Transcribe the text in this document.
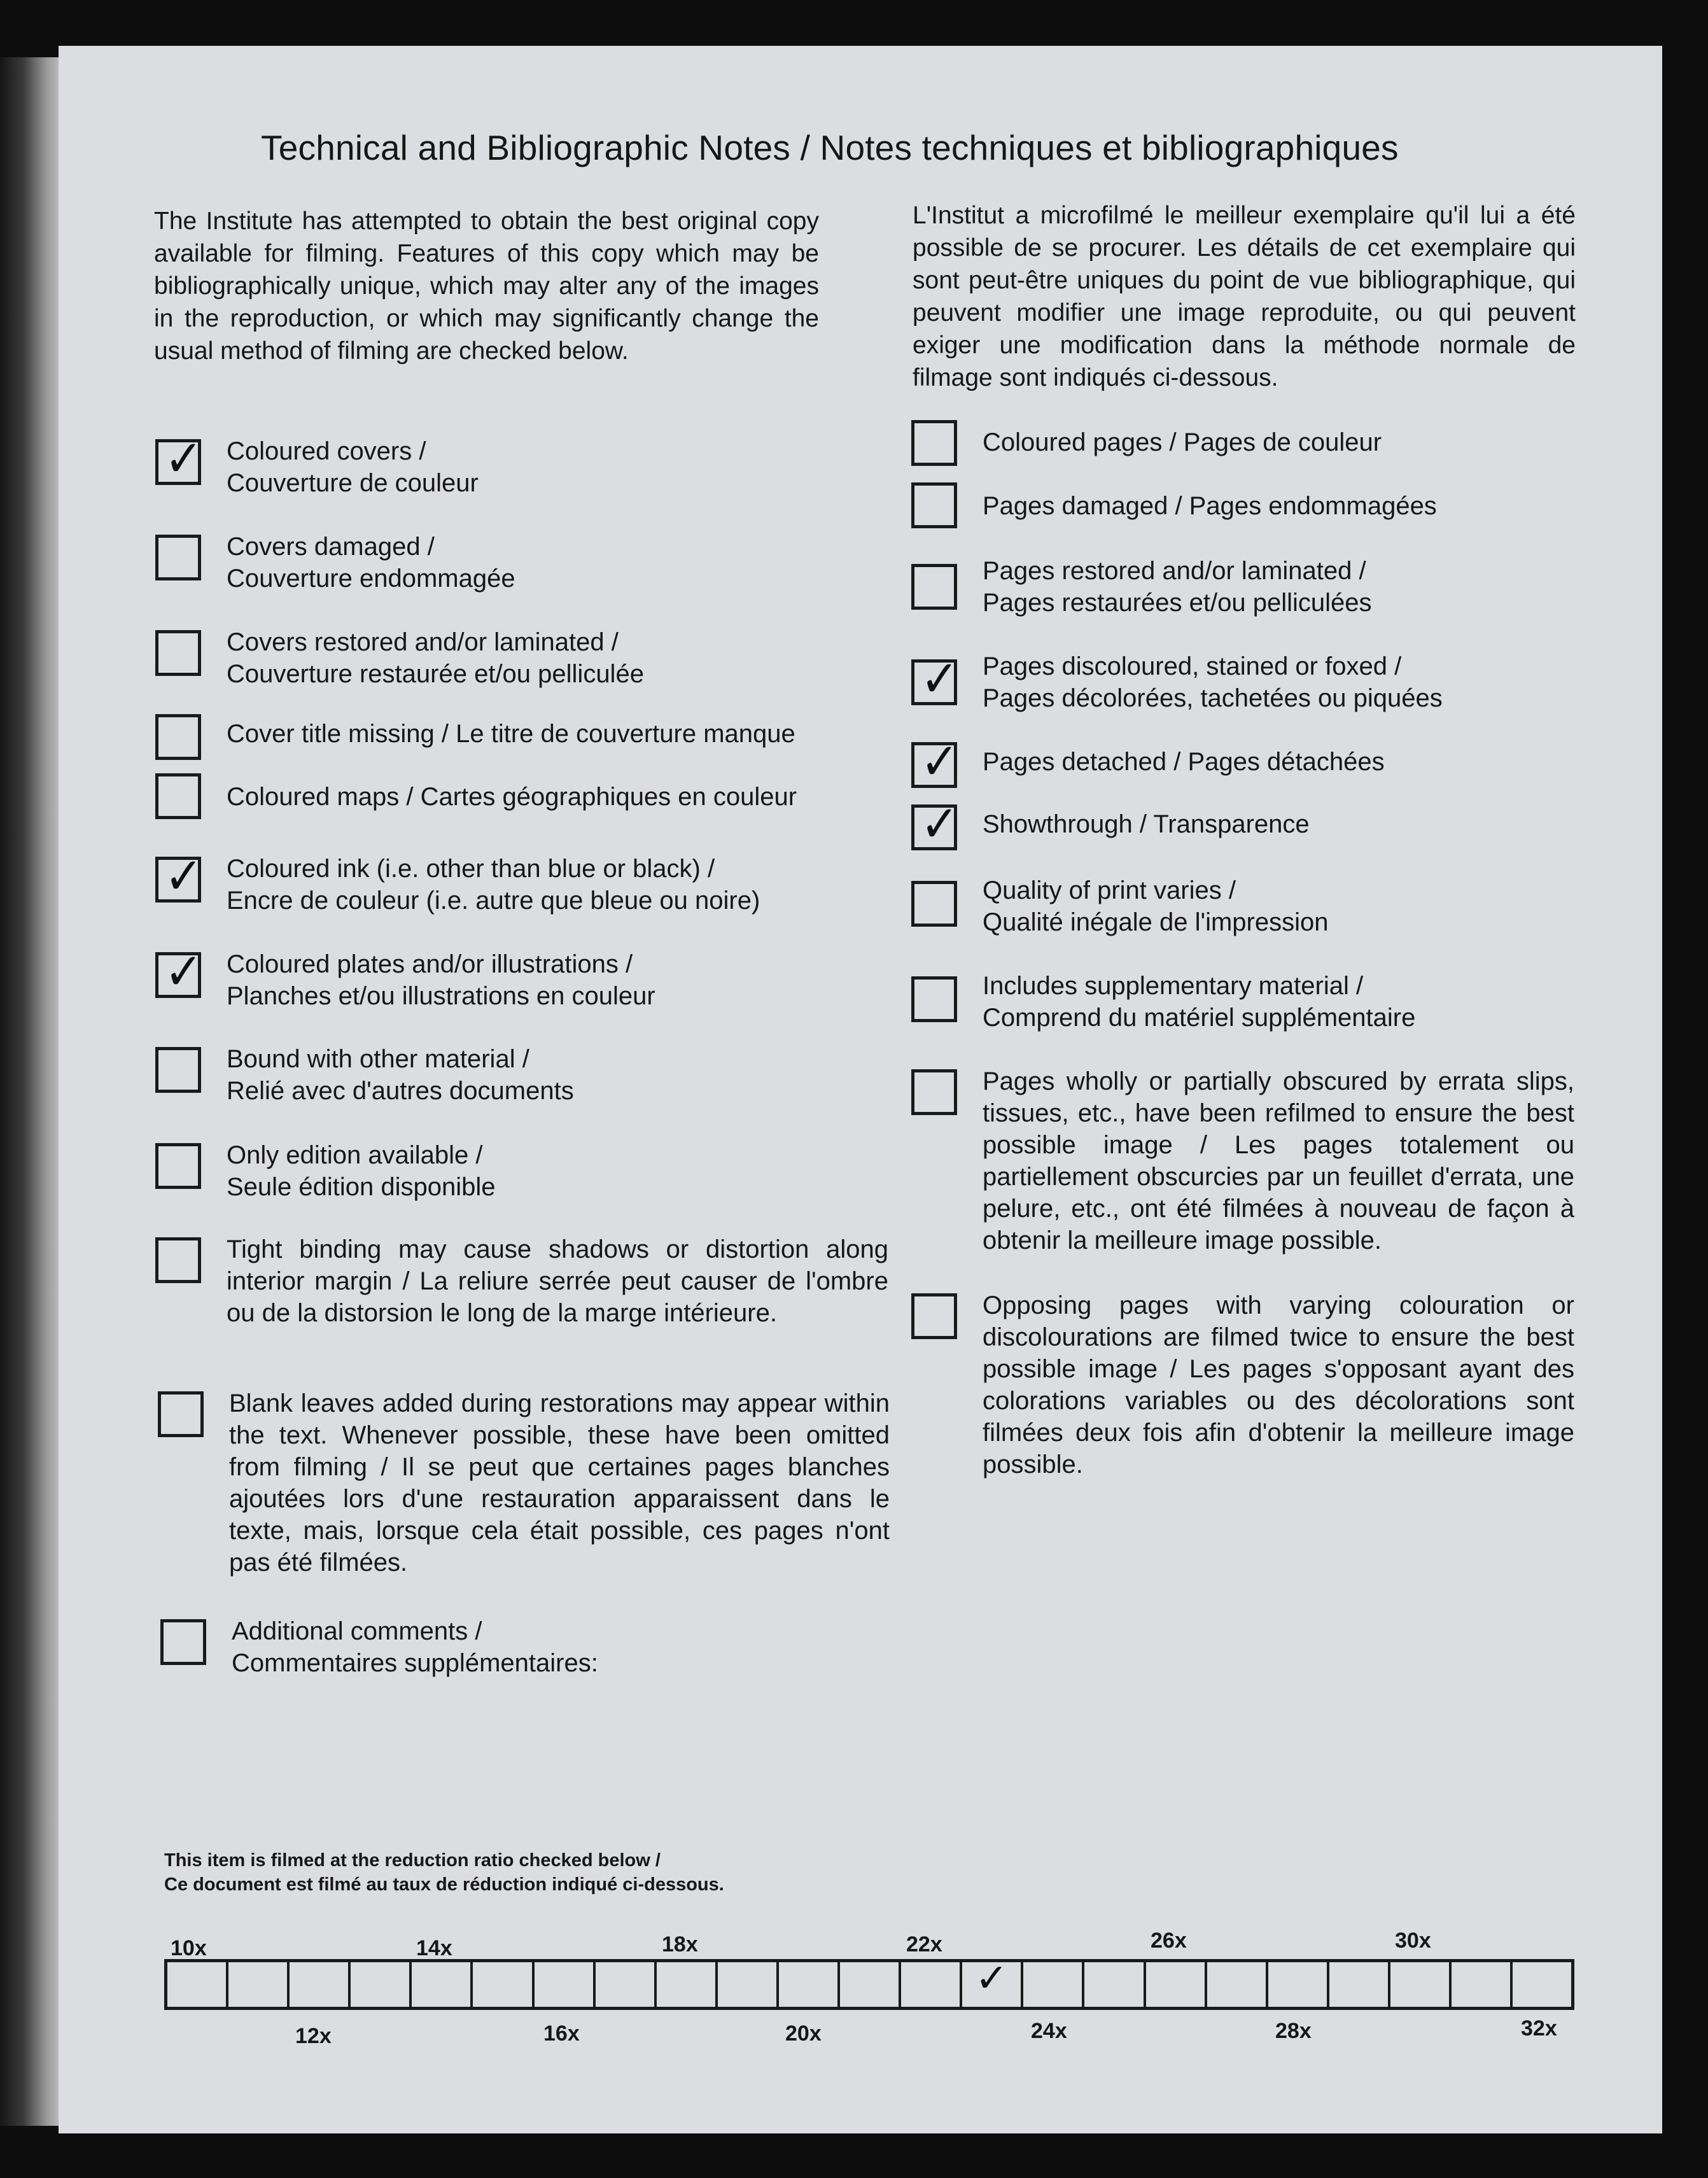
Technical and Bibliographic Notes / Notes techniques et bibliographiques

The Institute has attempted to obtain the best original copy available for filming. Features of this copy which may be bibliographically unique, which may alter any of the images in the reproduction, or which may significantly change the usual method of filming are checked below.

L'Institut a microfilmé le meilleur exemplaire qu'il lui a été possible de se procurer. Les détails de cet exemplaire qui sont peut-être uniques du point de vue bibliographique, qui peuvent modifier une image reproduite, ou qui peuvent exiger une modification dans la méthode normale de filmage sont indiqués ci-dessous.

✓ Coloured covers /
Couverture de couleur
Covers damaged /
Couverture endommagée
Covers restored and/or laminated /
Couverture restaurée et/ou pelliculée
Cover title missing / Le titre de couverture manque
Coloured maps / Cartes géographiques en couleur
✓ Coloured ink (i.e. other than blue or black) /
Encre de couleur (i.e. autre que bleue ou noire)
✓ Coloured plates and/or illustrations /
Planches et/ou illustrations en couleur
Bound with other material /
Relié avec d'autres documents
Only edition available /
Seule édition disponible
Tight binding may cause shadows or distortion along interior margin / La reliure serrée peut causer de l'ombre ou de la distorsion le long de la marge intérieure.
Blank leaves added during restorations may appear within the text. Whenever possible, these have been omitted from filming / Il se peut que certaines pages blanches ajoutées lors d'une restauration apparaissent dans le texte, mais, lorsque cela était possible, ces pages n'ont pas été filmées.
Additional comments /
Commentaires supplémentaires:
Coloured pages / Pages de couleur
Pages damaged / Pages endommagées
Pages restored and/or laminated /
Pages restaurées et/ou pelliculées
✓ Pages discoloured, stained or foxed /
Pages décolorées, tachetées ou piquées
✓ Pages detached / Pages détachées
✓ Showthrough / Transparence
Quality of print varies /
Qualité inégale de l'impression
Includes supplementary material /
Comprend du matériel supplémentaire
Pages wholly or partially obscured by errata slips, tissues, etc., have been refilmed to ensure the best possible image / Les pages totalement ou partiellement obscurcies par un feuillet d'errata, une pelure, etc., ont été filmées à nouveau de façon à obtenir la meilleure image possible.
Opposing pages with varying colouration or discolourations are filmed twice to ensure the best possible image / Les pages s'opposant ayant des colorations variables ou des décolorations sont filmées deux fois afin d'obtenir la meilleure image possible.
This item is filmed at the reduction ratio checked below /
Ce document est filmé au taux de réduction indiqué ci-dessous.
✓
10x	14x	18x	22x	26x	30x
12x	16x	20x	24x	28x	32x
